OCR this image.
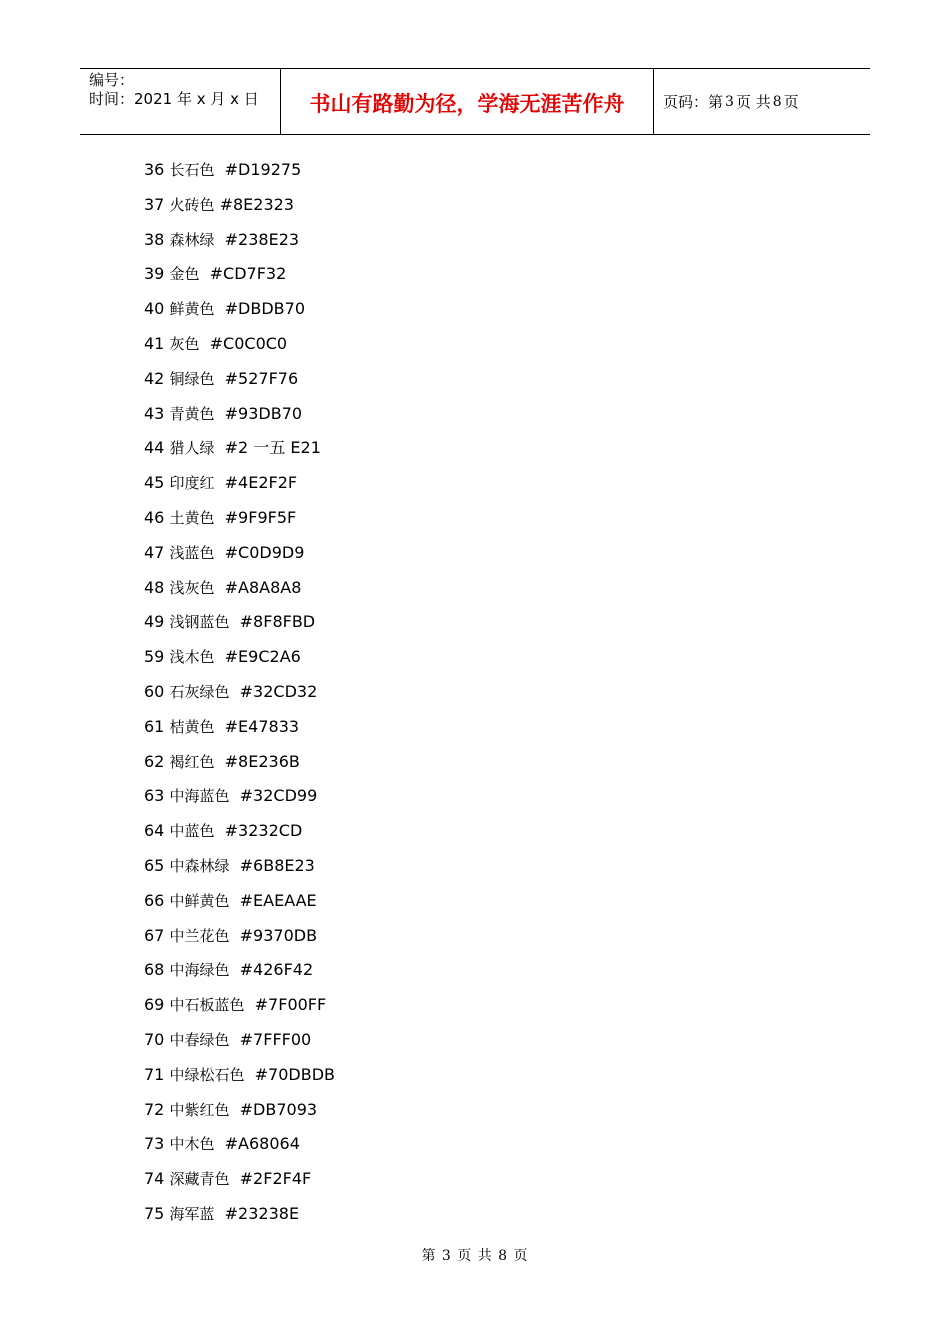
编号：
时间：2021 年 x 月 x 日	书山有路勤为径，学海无涯苦作舟	页码：第 3 页 共 8 页
36 长石色  #D19275
37 火砖色 #8E2323
38 森林绿  #238E23
39 金色  #CD7F32
40 鲜黄色  #DBDB70
41 灰色  #C0C0C0
42 铜绿色  #527F76
43 青黄色  #93DB70
44 猎人绿  #2 一五 E21
45 印度红  #4E2F2F
46 土黄色  #9F9F5F
47 浅蓝色  #C0D9D9
48 浅灰色  #A8A8A8
49 浅钢蓝色  #8F8FBD
59 浅木色  #E9C2A6
60 石灰绿色  #32CD32
61 桔黄色  #E47833
62 褐红色  #8E236B
63 中海蓝色  #32CD99
64 中蓝色  #3232CD
65 中森林绿  #6B8E23
66 中鲜黄色  #EAEAAE
67 中兰花色  #9370DB
68 中海绿色  #426F42
69 中石板蓝色  #7F00FF
70 中春绿色  #7FFF00
71 中绿松石色  #70DBDB
72 中紫红色  #DB7093
73 中木色  #A68064
74 深藏青色  #2F2F4F
75 海军蓝  #23238E
第 3 页 共 8 页
